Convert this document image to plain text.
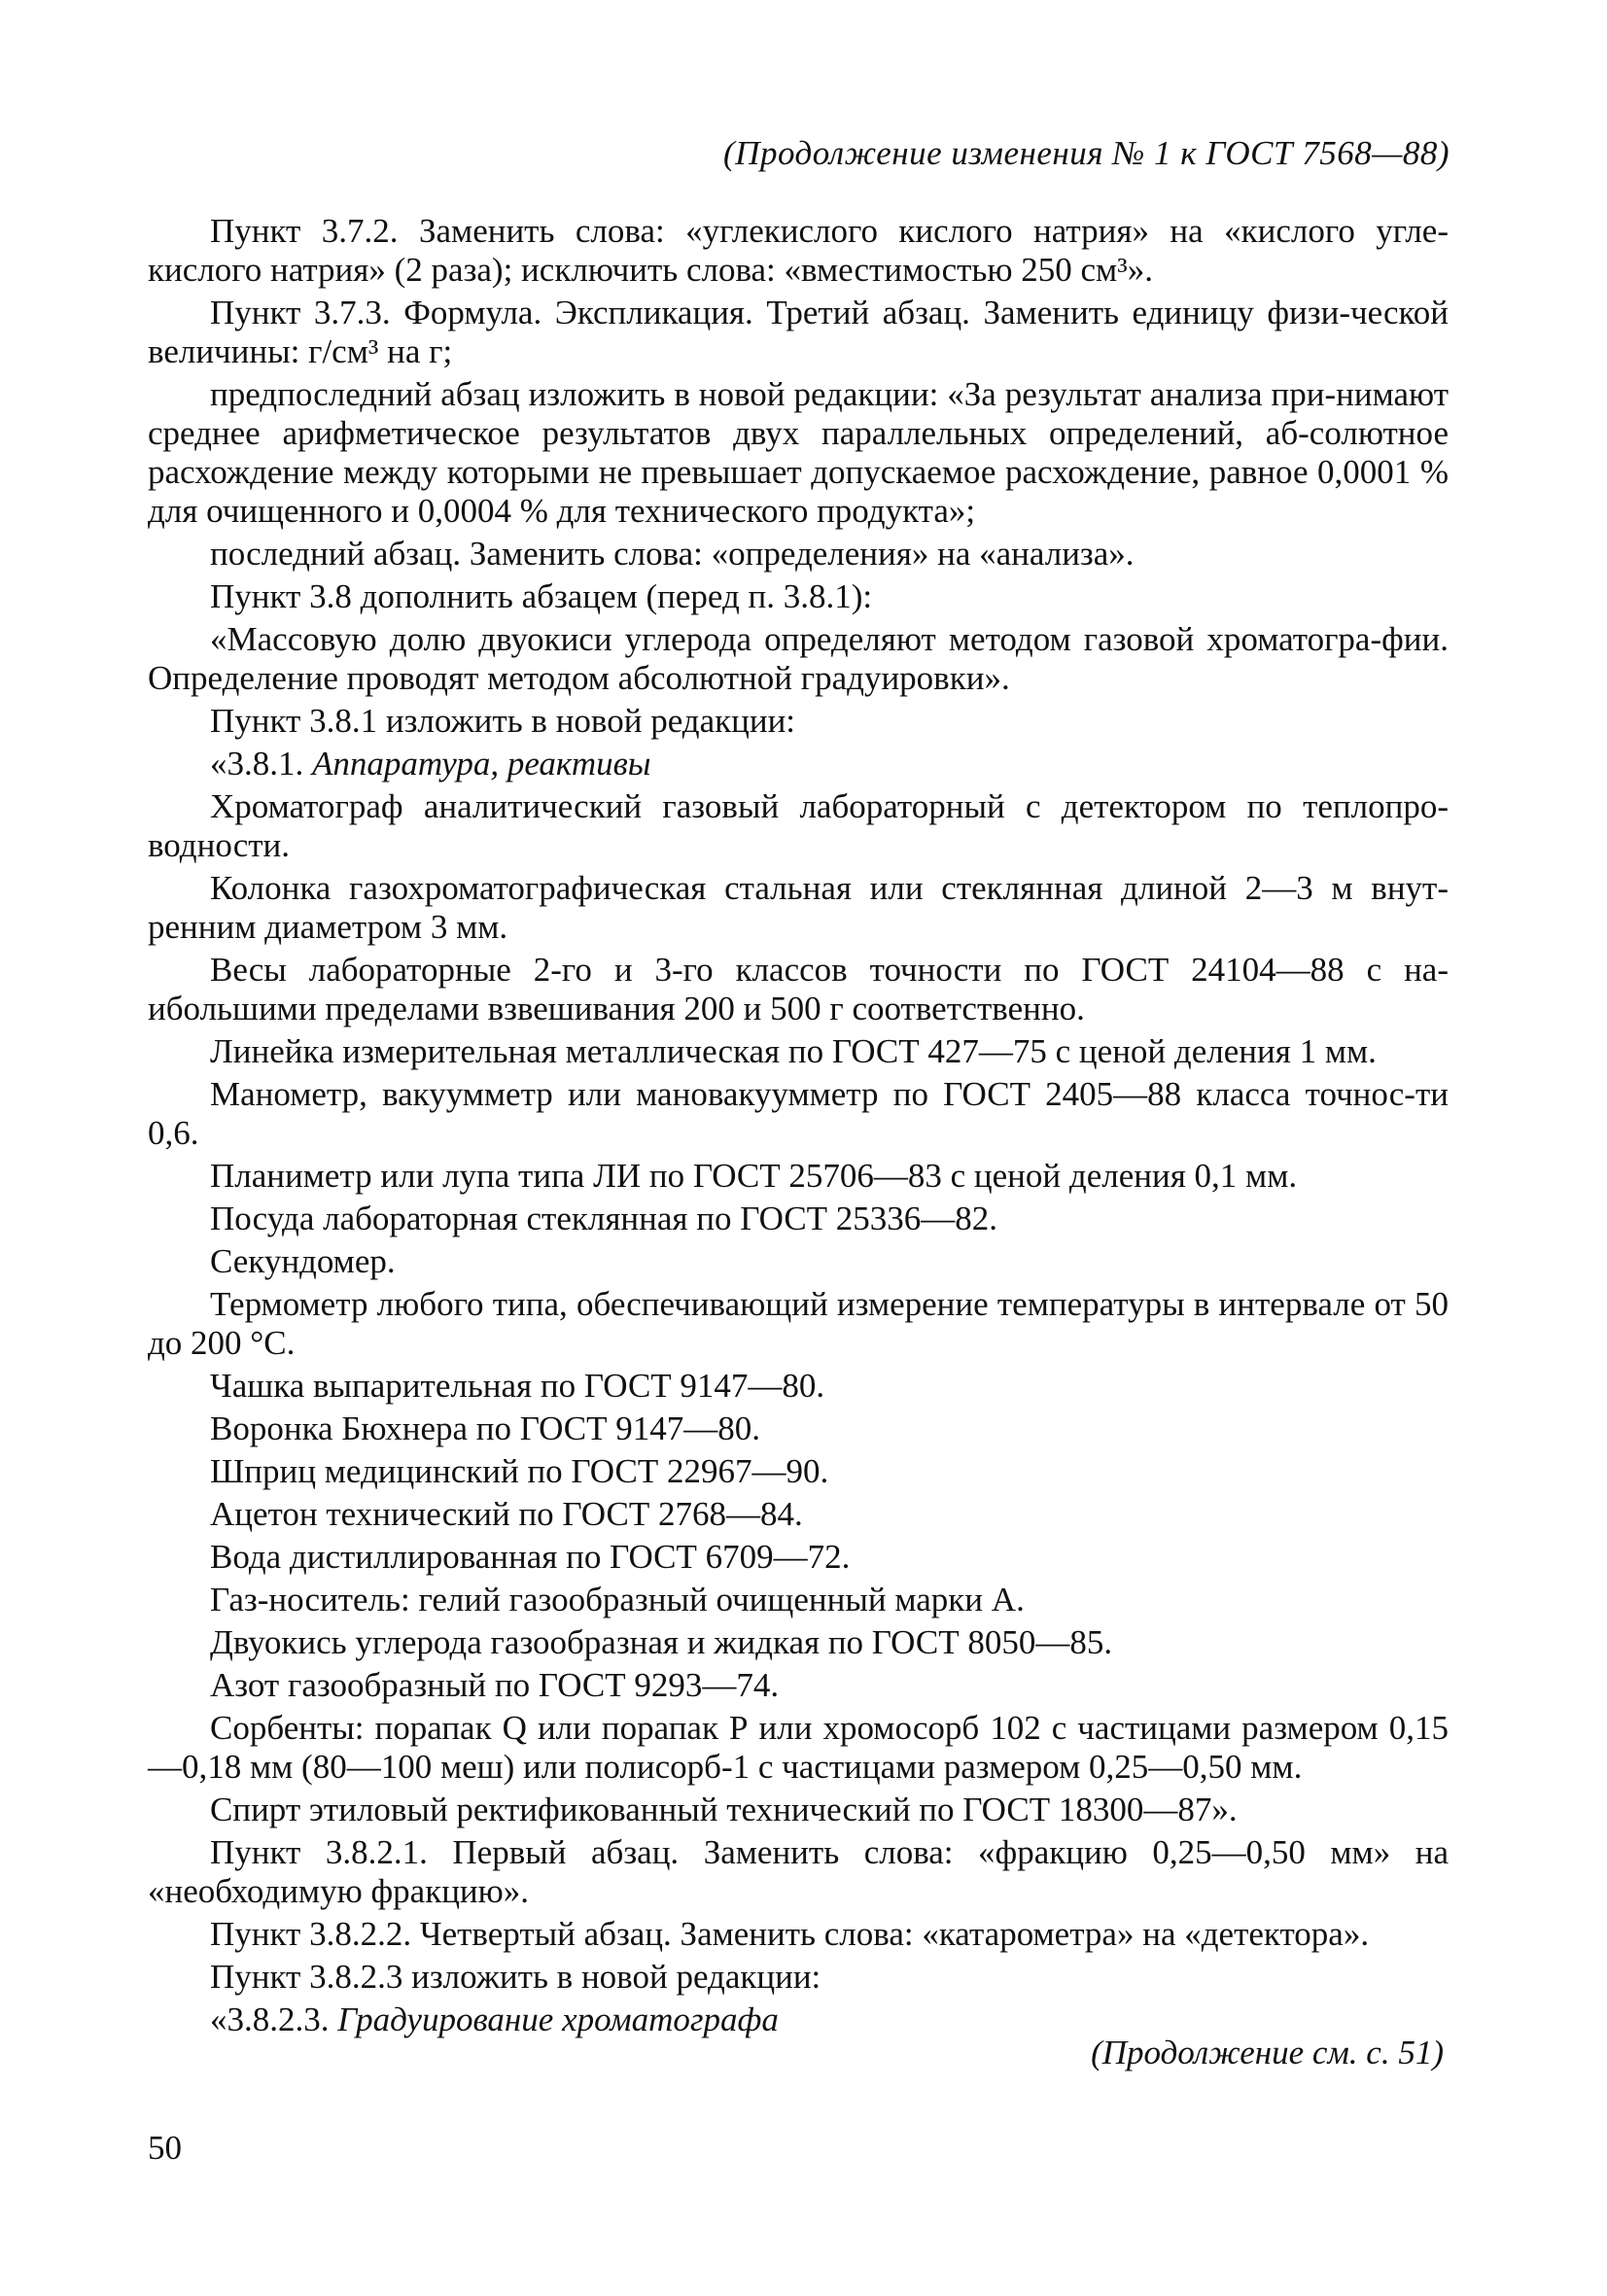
(Продолжение изменения № 1 к ГОСТ 7568—88)

Пункт 3.7.2. Заменить слова: «углекислого кислого натрия» на «кислого угле-кислого натрия» (2 раза); исключить слова: «вместимостью 250 см³».

Пункт 3.7.3. Формула. Экспликация. Третий абзац. Заменить единицу физи-ческой величины: г/см³ на г;

предпоследний абзац изложить в новой редакции: «За результат анализа при-нимают среднее арифметическое результатов двух параллельных определений, аб-солютное расхождение между которыми не превышает допускаемое расхождение, равное 0,0001 % для очищенного и 0,0004 % для технического продукта»;

последний абзац. Заменить слова: «определения» на «анализа».

Пункт 3.8 дополнить абзацем (перед п. 3.8.1):

«Массовую долю двуокиси углерода определяют методом газовой хроматогра-фии. Определение проводят методом абсолютной градуировки».

Пункт 3.8.1 изложить в новой редакции:

«3.8.1. Аппаратура, реактивы

Хроматограф аналитический газовый лабораторный с детектором по теплопро-водности.

Колонка газохроматографическая стальная или стеклянная длиной 2—3 м внут-ренним диаметром 3 мм.

Весы лабораторные 2-го и 3-го классов точности по ГОСТ 24104—88 с на-ибольшими пределами взвешивания 200 и 500 г соответственно.

Линейка измерительная металлическая по ГОСТ 427—75 с ценой деления 1 мм.

Манометр, вакуумметр или мановакуумметр по ГОСТ 2405—88 класса точнос-ти 0,6.

Планиметр или лупа типа ЛИ по ГОСТ 25706—83 с ценой деления 0,1 мм.

Посуда лабораторная стеклянная по ГОСТ 25336—82.

Секундомер.

Термометр любого типа, обеспечивающий измерение температуры в интервале от 50 до 200 °С.

Чашка выпарительная по ГОСТ 9147—80.

Воронка Бюхнера по ГОСТ 9147—80.

Шприц медицинский по ГОСТ 22967—90.

Ацетон технический по ГОСТ 2768—84.

Вода дистиллированная по ГОСТ 6709—72.

Газ-носитель: гелий газообразный очищенный марки А.

Двуокись углерода газообразная и жидкая по ГОСТ 8050—85.

Азот газообразный по ГОСТ 9293—74.

Сорбенты: порапак Q или порапак Р или хромосорб 102 с частицами размером 0,15—0,18 мм (80—100 меш) или полисорб-1 с частицами размером 0,25—0,50 мм.

Спирт этиловый ректификованный технический по ГОСТ 18300—87».

Пункт 3.8.2.1. Первый абзац. Заменить слова: «фракцию 0,25—0,50 мм» на «необходимую фракцию».

Пункт 3.8.2.2. Четвертый абзац. Заменить слова: «катарометра» на «детектора».

Пункт 3.8.2.3 изложить в новой редакции:

«3.8.2.3. Градуирование хроматографа

(Продолжение см. с. 51)
50
